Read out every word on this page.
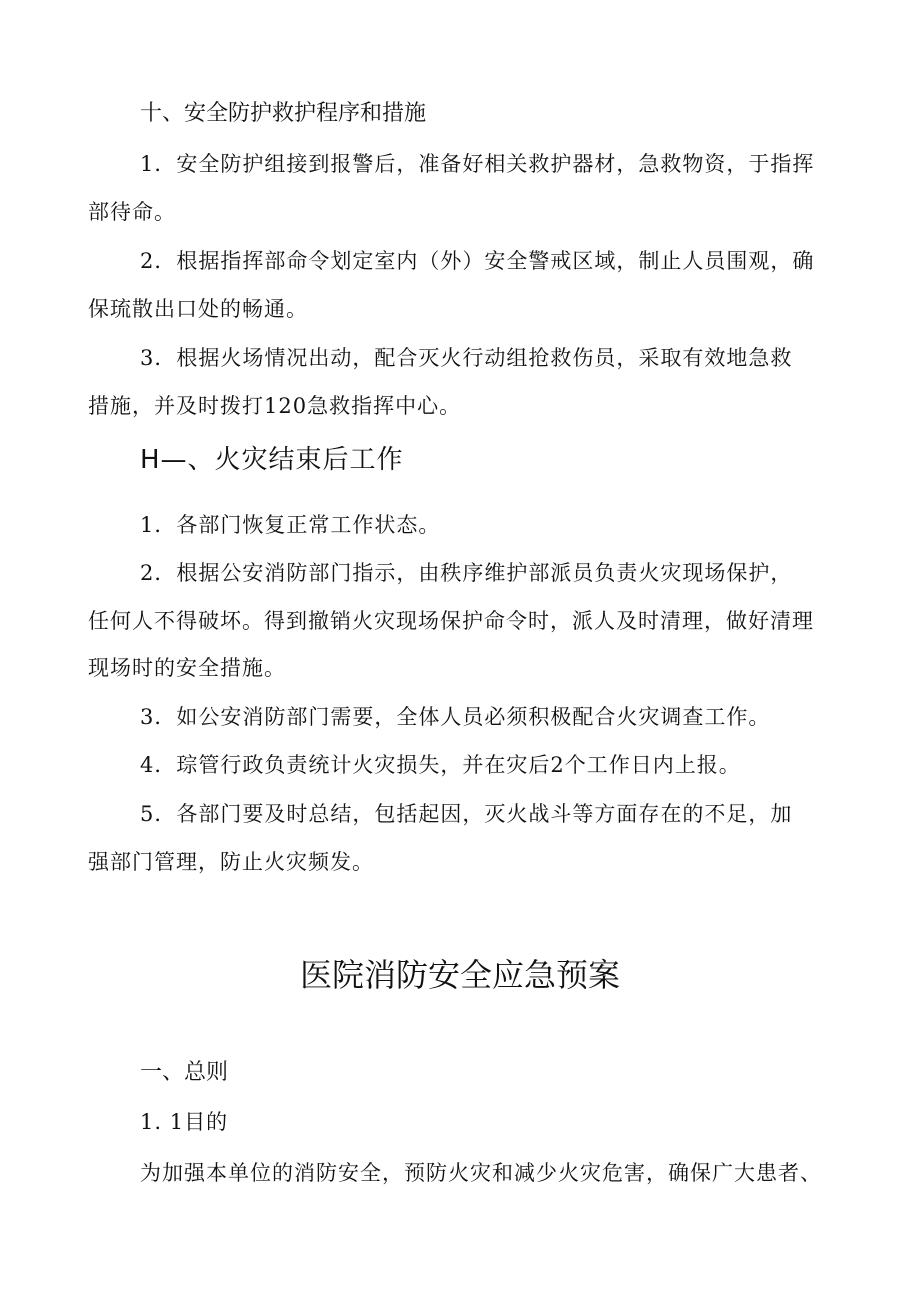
十、安全防护救护程序和措施
1．安全防护组接到报警后，准备好相关救护器材，急救物资，于指挥
部待命。
2．根据指挥部命令划定室内（外）安全警戒区域，制止人员围观，确
保琉散出口处的畅通。
3．根据火场情况出动，配合灭火行动组抢救伤员，采取有效地急救
措施，并及时拨打120急救指挥中心。
H—、火灾结束后工作
1．各部门恢复正常工作状态。
2．根据公安消防部门指示，由秩序维护部派员负责火灾现场保护，
任何人不得破坏。得到撤销火灾现场保护命令时，派人及时清理，做好清理
现场时的安全措施。
3．如公安消防部门需要，全体人员必须积极配合火灾调查工作。
4．琮管行政负责统计火灾损失，并在灾后2个工作日内上报。
5．各部门要及时总结，包括起因，灭火战斗等方面存在的不足，加
强部门管理，防止火灾频发。
医院消防安全应急预案
一、总则
1. 1目的
为加强本单位的消防安全，预防火灾和减少火灾危害，确保广大患者、
